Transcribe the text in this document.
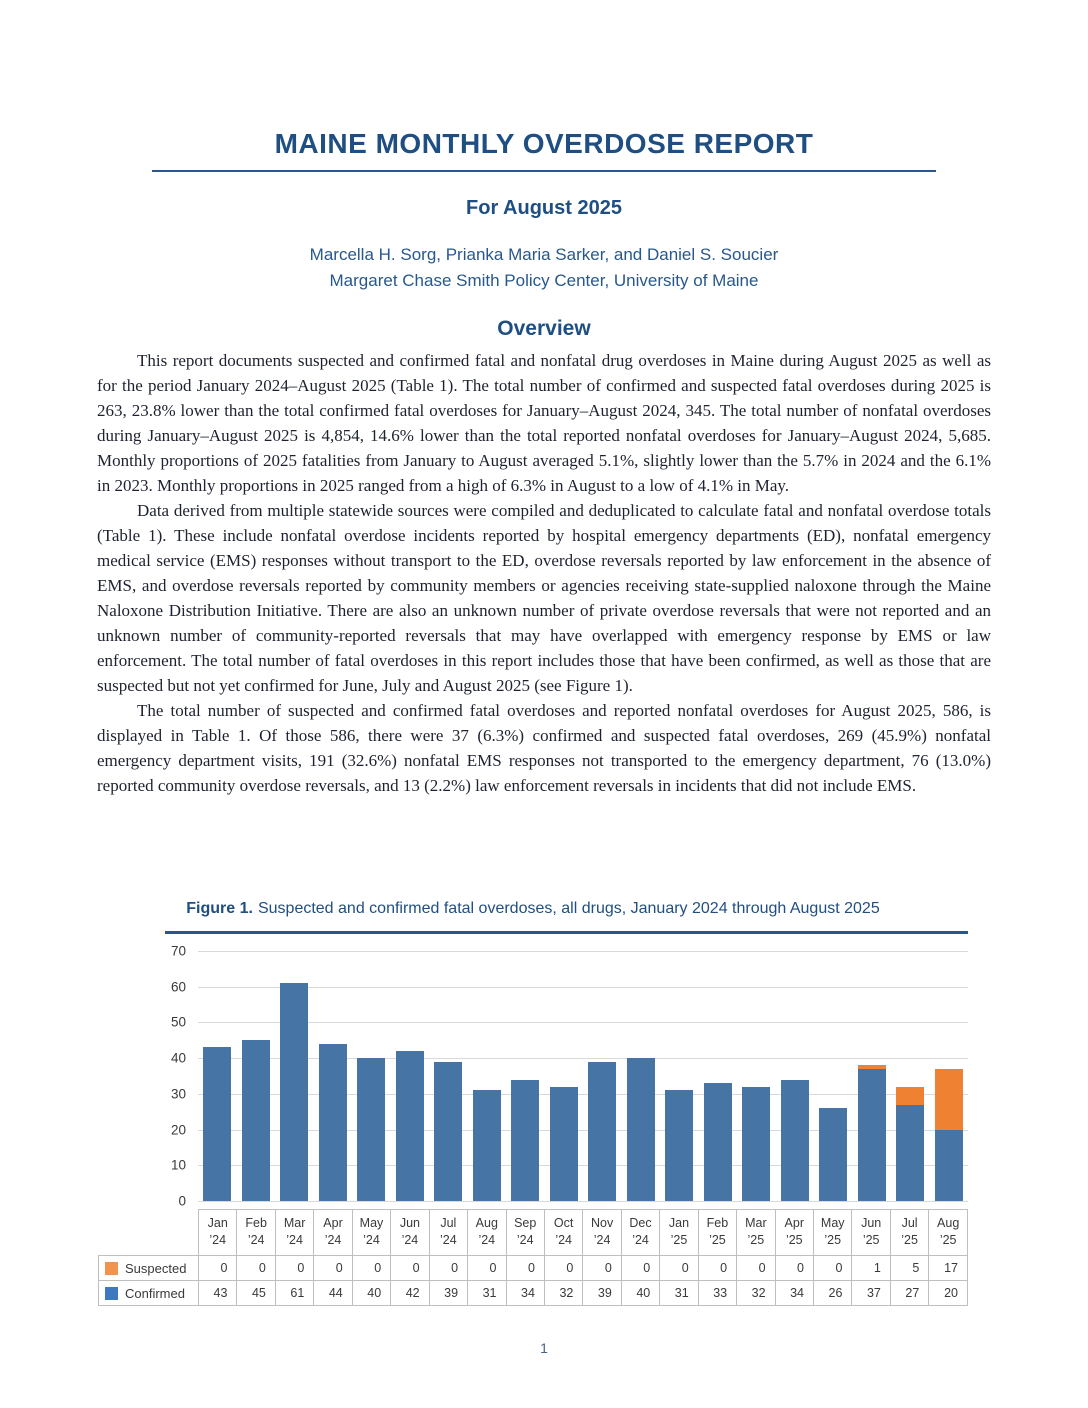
MAINE MONTHLY OVERDOSE REPORT
For August 2025
Marcella H. Sorg, Prianka Maria Sarker, and Daniel S. Soucier
Margaret Chase Smith Policy Center, University of Maine
Overview

This report documents suspected and confirmed fatal and nonfatal drug overdoses in Maine during August 2025 as well as for the period January 2024–August 2025 (Table 1). The total number of confirmed and suspected fatal overdoses during 2025 is 263, 23.8% lower than the total confirmed fatal overdoses for January–August 2024, 345. The total number of nonfatal overdoses during January–August 2025 is 4,854, 14.6% lower than the total reported nonfatal overdoses for January–August 2024, 5,685. Monthly proportions of 2025 fatalities from January to August averaged 5.1%, slightly lower than the 5.7% in 2024 and the 6.1% in 2023. Monthly proportions in 2025 ranged from a high of 6.3% in August to a low of 4.1% in May.

Data derived from multiple statewide sources were compiled and deduplicated to calculate fatal and nonfatal overdose totals (Table 1). These include nonfatal overdose incidents reported by hospital emergency departments (ED), nonfatal emergency medical service (EMS) responses without transport to the ED, overdose reversals reported by law enforcement in the absence of EMS, and overdose reversals reported by community members or agencies receiving state-supplied naloxone through the Maine Naloxone Distribution Initiative. There are also an unknown number of private overdose reversals that were not reported and an unknown number of community-reported reversals that may have overlapped with emergency response by EMS or law enforcement. The total number of fatal overdoses in this report includes those that have been confirmed, as well as those that are suspected but not yet confirmed for June, July and August 2025 (see Figure 1).

The total number of suspected and confirmed fatal overdoses and reported nonfatal overdoses for August 2025, 586, is displayed in Table 1. Of those 586, there were 37 (6.3%) confirmed and suspected fatal overdoses, 269 (45.9%) nonfatal emergency department visits, 191 (32.6%) nonfatal EMS responses not transported to the emergency department, 76 (13.0%) reported community overdose reversals, and 13 (2.2%) law enforcement reversals in incidents that did not include EMS.

Figure 1. Suspected and confirmed fatal overdoses, all drugs, January 2024 through August 2025
0
10
20
30
40
50
60
70

Jan
’24

Feb
’24

Mar
’24

Apr
’24

May
’24

Jun
’24

Jul
’24

Aug
’24

Sep
’24

Oct
’24

Nov
’24

Dec
’24

Jan
’25

Feb
’25

Mar
’25

Apr
’25

May
’25

Jun
’25

Jul
’25

Aug
’25

Suspected	0	0	0	0	0	0	0	0	0	0	0	0	0	0	0	0	0	1	5	17

Confirmed	43	45	61	44	40	42	39	31	34	32	39	40	31	33	32	34	26	37	27	20
1
